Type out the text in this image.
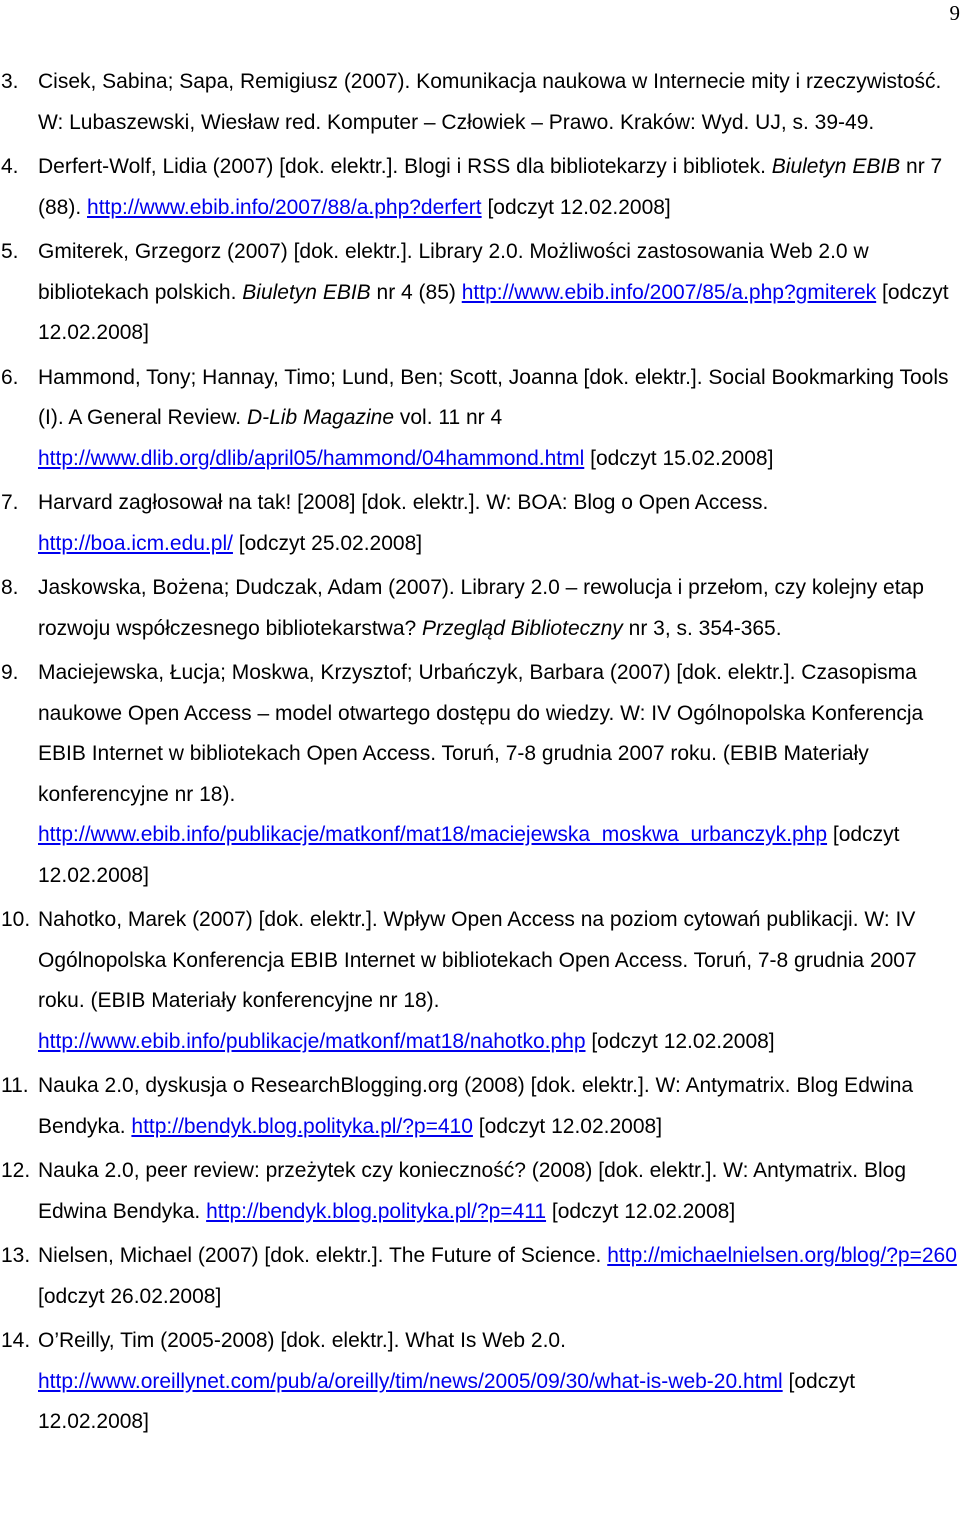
9
3. Cisek, Sabina; Sapa, Remigiusz (2007). Komunikacja naukowa w Internecie mity i rzeczywistość. W: Lubaszewski, Wiesław red. Komputer – Człowiek – Prawo. Kraków: Wyd. UJ, s. 39-49.
4. Derfert-Wolf, Lidia (2007) [dok. elektr.]. Blogi i RSS dla bibliotekarzy i bibliotek. Biuletyn EBIB nr 7 (88). http://www.ebib.info/2007/88/a.php?derfert [odczyt 12.02.2008]
5. Gmiterek, Grzegorz (2007) [dok. elektr.]. Library 2.0. Możliwości zastosowania Web 2.0 w bibliotekach polskich. Biuletyn EBIB nr 4 (85) http://www.ebib.info/2007/85/a.php?gmiterek [odczyt 12.02.2008]
6. Hammond, Tony; Hannay, Timo; Lund, Ben; Scott, Joanna [dok. elektr.]. Social Bookmarking Tools (I). A General Review. D-Lib Magazine vol. 11 nr 4 http://www.dlib.org/dlib/april05/hammond/04hammond.html [odczyt 15.02.2008]
7. Harvard zagłosował na tak! [2008] [dok. elektr.]. W: BOA: Blog o Open Access. http://boa.icm.edu.pl/ [odczyt 25.02.2008]
8. Jaskowska, Bożena; Dudczak, Adam (2007). Library 2.0 – rewolucja i przełom, czy kolejny etap rozwoju współczesnego bibliotekarstwa? Przegląd Biblioteczny nr 3, s. 354-365.
9. Maciejewska, Łucja; Moskwa, Krzysztof; Urbańczyk, Barbara (2007) [dok. elektr.]. Czasopisma naukowe Open Access – model otwartego dostępu do wiedzy. W: IV Ogólnopolska Konferencja EBIB Internet w bibliotekach Open Access. Toruń, 7-8 grudnia 2007 roku. (EBIB Materiały konferencyjne nr 18). http://www.ebib.info/publikacje/matkonf/mat18/maciejewska_moskwa_urbanczyk.php [odczyt 12.02.2008]
10. Nahotko, Marek (2007) [dok. elektr.]. Wpływ Open Access na poziom cytowań publikacji. W: IV Ogólnopolska Konferencja EBIB Internet w bibliotekach Open Access. Toruń, 7-8 grudnia 2007 roku. (EBIB Materiały konferencyjne nr 18). http://www.ebib.info/publikacje/matkonf/mat18/nahotko.php [odczyt 12.02.2008]
11. Nauka 2.0, dyskusja o ResearchBlogging.org (2008) [dok. elektr.]. W: Antymatrix. Blog Edwina Bendyka. http://bendyk.blog.polityka.pl/?p=410 [odczyt 12.02.2008]
12. Nauka 2.0, peer review: przeżytek czy konieczność? (2008) [dok. elektr.]. W: Antymatrix. Blog Edwina Bendyka. http://bendyk.blog.polityka.pl/?p=411 [odczyt 12.02.2008]
13. Nielsen, Michael (2007) [dok. elektr.]. The Future of Science. http://michaelnielsen.org/blog/?p=260 [odczyt 26.02.2008]
14. O’Reilly, Tim (2005-2008) [dok. elektr.]. What Is Web 2.0. http://www.oreillynet.com/pub/a/oreilly/tim/news/2005/09/30/what-is-web-20.html [odczyt 12.02.2008]
